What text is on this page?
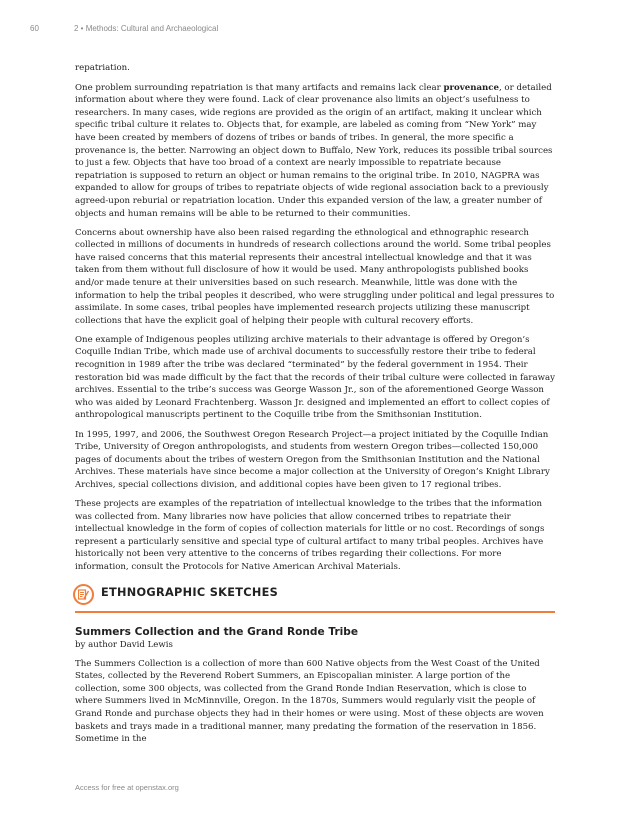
60	2 • Methods: Cultural and Archaeological

repatriation.

One problem surrounding repatriation is that many artifacts and remains lack clear provenance, or detailed information about where they were found. Lack of clear provenance also limits an object’s usefulness to researchers. In many cases, wide regions are provided as the origin of an artifact, making it unclear which specific tribal culture it relates to. Objects that, for example, are labeled as coming from “New York” may have been created by members of dozens of tribes or bands of tribes. In general, the more specific a provenance is, the better. Narrowing an object down to Buffalo, New York, reduces its possible tribal sources to just a few. Objects that have too broad of a context are nearly impossible to repatriate because repatriation is supposed to return an object or human remains to the original tribe. In 2010, NAGPRA was expanded to allow for groups of tribes to repatriate objects of wide regional association back to a previously agreed-upon reburial or repatriation location. Under this expanded version of the law, a greater number of objects and human remains will be able to be returned to their communities.

Concerns about ownership have also been raised regarding the ethnological and ethnographic research collected in millions of documents in hundreds of research collections around the world. Some tribal peoples have raised concerns that this material represents their ancestral intellectual knowledge and that it was taken from them without full disclosure of how it would be used. Many anthropologists published books and/or made tenure at their universities based on such research. Meanwhile, little was done with the information to help the tribal peoples it described, who were struggling under political and legal pressures to assimilate. In some cases, tribal peoples have implemented research projects utilizing these manuscript collections that have the explicit goal of helping their people with cultural recovery efforts.

One example of Indigenous peoples utilizing archive materials to their advantage is offered by Oregon’s Coquille Indian Tribe, which made use of archival documents to successfully restore their tribe to federal recognition in 1989 after the tribe was declared “terminated” by the federal government in 1954. Their restoration bid was made difficult by the fact that the records of their tribal culture were collected in faraway archives. Essential to the tribe’s success was George Wasson Jr., son of the aforementioned George Wasson who was aided by Leonard Frachtenberg. Wasson Jr. designed and implemented an effort to collect copies of anthropological manuscripts pertinent to the Coquille tribe from the Smithsonian Institution.

In 1995, 1997, and 2006, the Southwest Oregon Research Project—a project initiated by the Coquille Indian Tribe, University of Oregon anthropologists, and students from western Oregon tribes—collected 150,000 pages of documents about the tribes of western Oregon from the Smithsonian Institution and the National Archives. These materials have since become a major collection at the University of Oregon’s Knight Library Archives, special collections division, and additional copies have been given to 17 regional tribes.

These projects are examples of the repatriation of intellectual knowledge to the tribes that the information was collected from. Many libraries now have policies that allow concerned tribes to repatriate their intellectual knowledge in the form of copies of collection materials for little or no cost. Recordings of songs represent a particularly sensitive and special type of cultural artifact to many tribal peoples. Archives have historically not been very attentive to the concerns of tribes regarding their collections. For more information, consult the Protocols for Native American Archival Materials.

ETHNOGRAPHIC SKETCHES
Summers Collection and the Grand Ronde Tribe

by author David Lewis

The Summers Collection is a collection of more than 600 Native objects from the West Coast of the United States, collected by the Reverend Robert Summers, an Episcopalian minister. A large portion of the collection, some 300 objects, was collected from the Grand Ronde Indian Reservation, which is close to where Summers lived in McMinnville, Oregon. In the 1870s, Summers would regularly visit the people of Grand Ronde and purchase objects they had in their homes or were using. Most of these objects are woven baskets and trays made in a traditional manner, many predating the formation of the reservation in 1856. Sometime in the

Access for free at openstax.org
